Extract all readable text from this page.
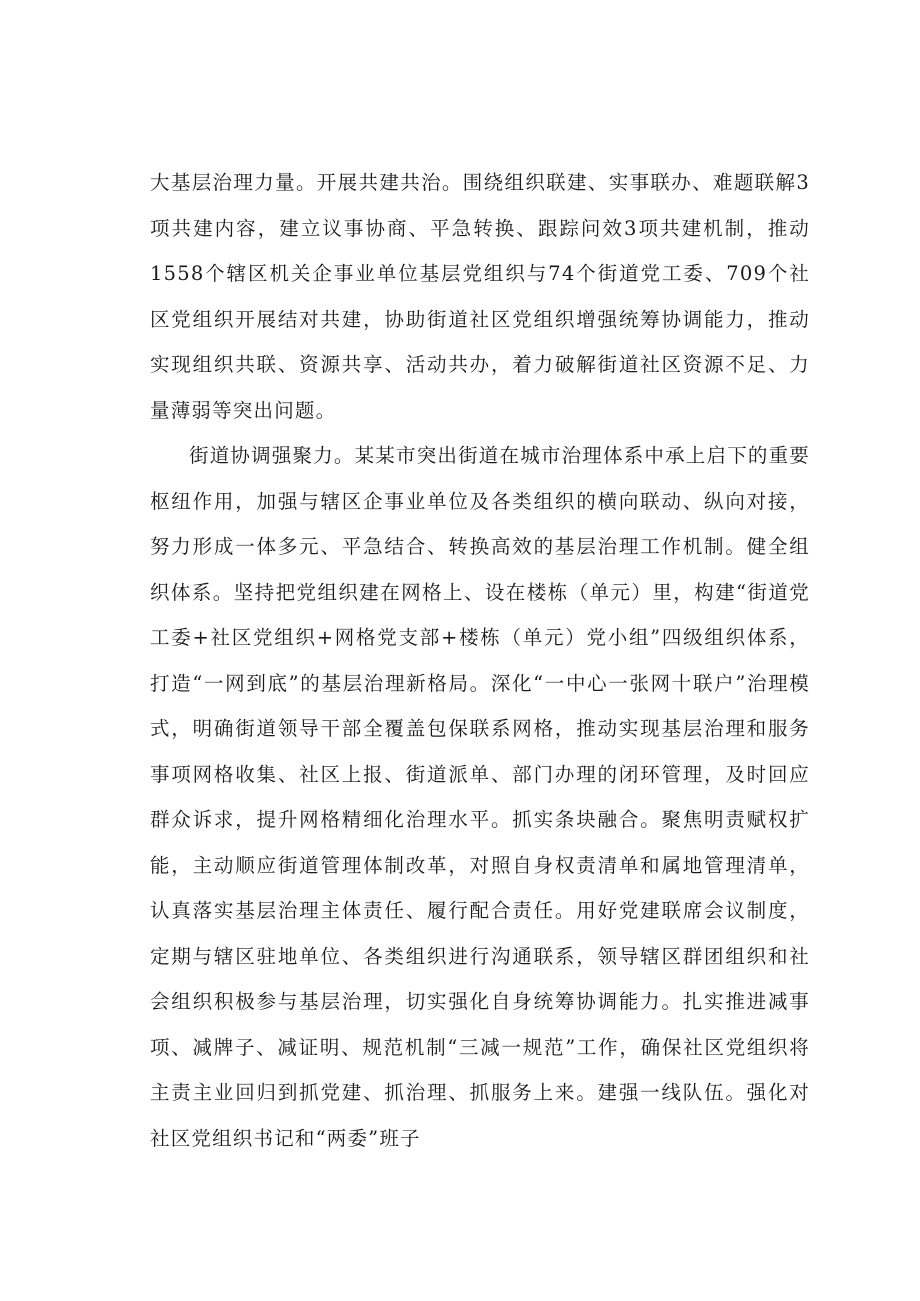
大基层治理力量。开展共建共治。围绕组织联建、实事联办、难题联解3项共建内容，建立议事协商、平急转换、跟踪问效3项共建机制，推动1558个辖区机关企事业单位基层党组织与74个街道党工委、709个社区党组织开展结对共建，协助街道社区党组织增强统筹协调能力，推动实现组织共联、资源共享、活动共办，着力破解街道社区资源不足、力量薄弱等突出问题。

街道协调强聚力。某某市突出街道在城市治理体系中承上启下的重要枢纽作用，加强与辖区企事业单位及各类组织的横向联动、纵向对接，努力形成一体多元、平急结合、转换高效的基层治理工作机制。健全组织体系。坚持把党组织建在网格上、设在楼栋（单元）里，构建“街道党工委+社区党组织+网格党支部+楼栋（单元）党小组”四级组织体系，打造“一网到底”的基层治理新格局。深化“一中心一张网十联户”治理模式，明确街道领导干部全覆盖包保联系网格，推动实现基层治理和服务事项网格收集、社区上报、街道派单、部门办理的闭环管理，及时回应群众诉求，提升网格精细化治理水平。抓实条块融合。聚焦明责赋权扩能，主动顺应街道管理体制改革，对照自身权责清单和属地管理清单，认真落实基层治理主体责任、履行配合责任。用好党建联席会议制度，定期与辖区驻地单位、各类组织进行沟通联系，领导辖区群团组织和社会组织积极参与基层治理，切实强化自身统筹协调能力。扎实推进减事项、减牌子、减证明、规范机制“三减一规范”工作，确保社区党组织将主责主业回归到抓党建、抓治理、抓服务上来。建强一线队伍。强化对社区党组织书记和“两委”班子
